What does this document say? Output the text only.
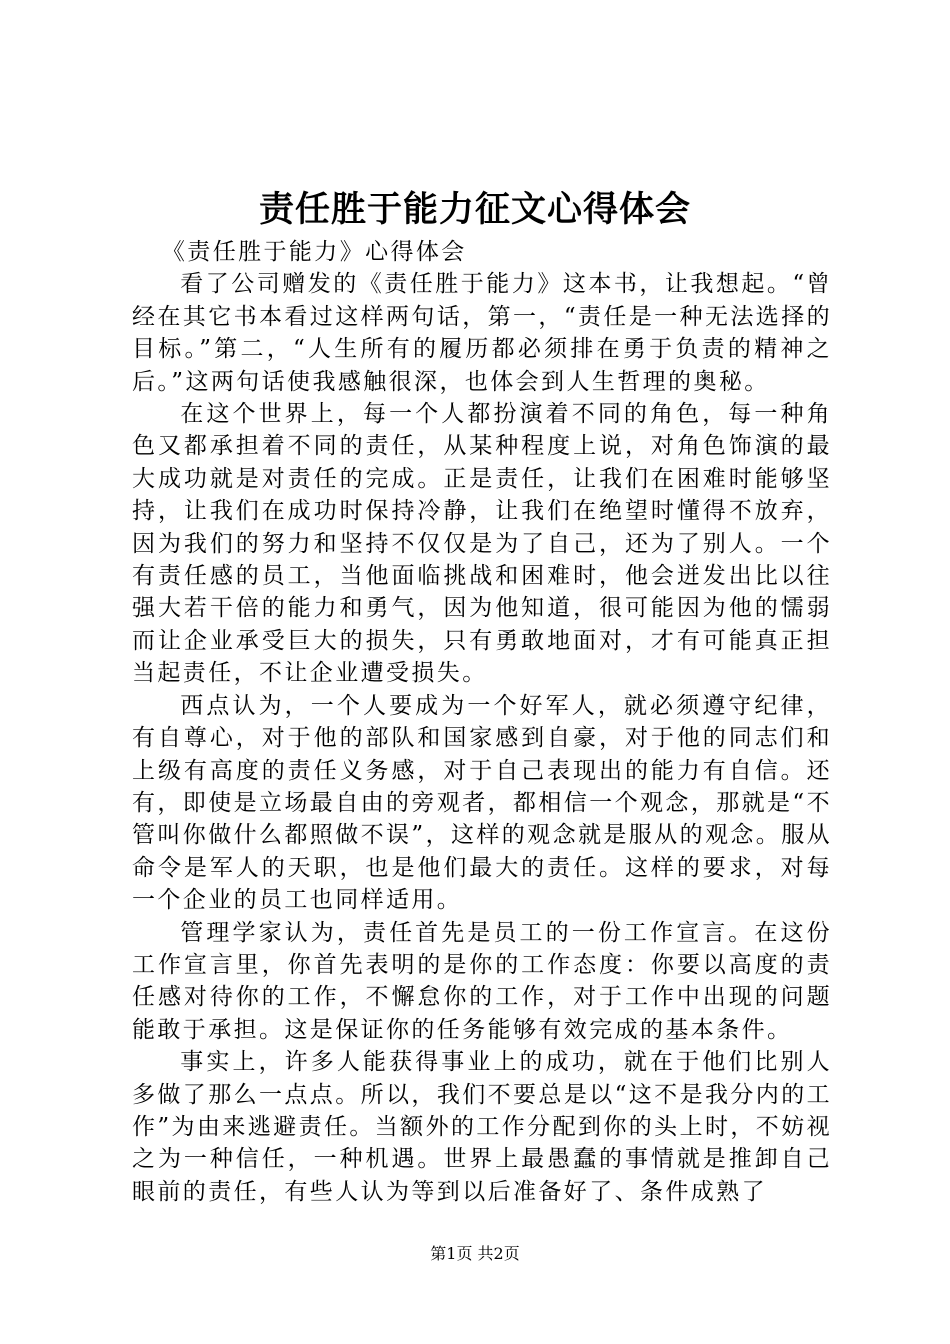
责任胜于能力征文心得体会

《责任胜于能力》心得体会

看了公司赠发的《责任胜于能力》这本书，让我想起。“曾经在其它书本看过这样两句话，第一，“责任是一种无法选择的目标。”第二，“人生所有的履历都必须排在勇于负责的精神之后。”这两句话使我感触很深，也体会到人生哲理的奥秘。

在这个世界上，每一个人都扮演着不同的角色，每一种角色又都承担着不同的责任，从某种程度上说，对角色饰演的最大成功就是对责任的完成。正是责任，让我们在困难时能够坚持，让我们在成功时保持冷静，让我们在绝望时懂得不放弃，因为我们的努力和坚持不仅仅是为了自己，还为了别人。一个有责任感的员工，当他面临挑战和困难时，他会迸发出比以往强大若干倍的能力和勇气，因为他知道，很可能因为他的懦弱而让企业承受巨大的损失，只有勇敢地面对，才有可能真正担当起责任，不让企业遭受损失。

西点认为，一个人要成为一个好军人，就必须遵守纪律，有自尊心，对于他的部队和国家感到自豪，对于他的同志们和上级有高度的责任义务感，对于自己表现出的能力有自信。还有，即使是立场最自由的旁观者，都相信一个观念，那就是“不管叫你做什么都照做不误”，这样的观念就是服从的观念。服从命令是军人的天职，也是他们最大的责任。这样的要求，对每一个企业的员工也同样适用。

管理学家认为，责任首先是员工的一份工作宣言。在这份工作宣言里，你首先表明的是你的工作态度：你要以高度的责任感对待你的工作，不懈怠你的工作，对于工作中出现的问题能敢于承担。这是保证你的任务能够有效完成的基本条件。

事实上，许多人能获得事业上的成功，就在于他们比别人多做了那么一点点。所以，我们不要总是以“这不是我分内的工作”为由来逃避责任。当额外的工作分配到你的头上时，不妨视之为一种信任，一种机遇。世界上最愚蠢的事情就是推卸自己眼前的责任，有些人认为等到以后准备好了、条件成熟了

第1页 共2页
